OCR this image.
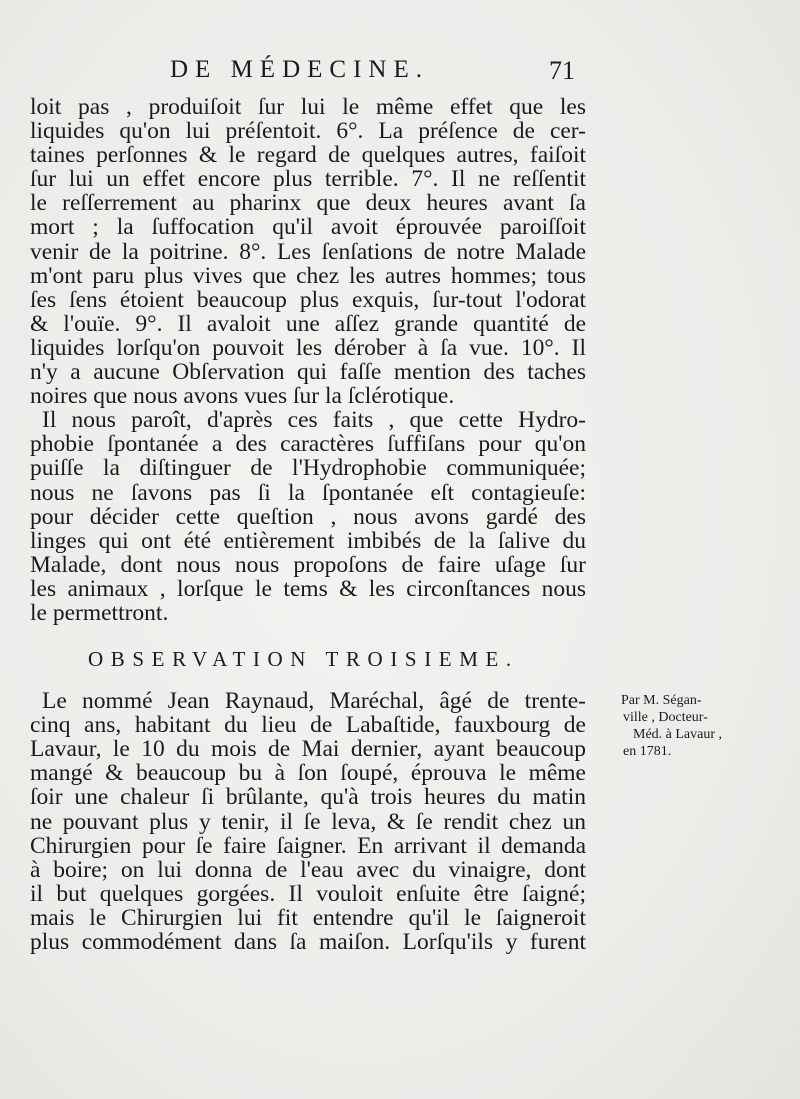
DE MÉDECINE.	71
loit pas , produiſoit ſur lui le même effet que les
liquides qu'on lui préſentoit. 6°. La préſence de cer-
taines perſonnes & le regard de quelques autres, faiſoit
ſur lui un effet encore plus terrible. 7°. Il ne reſſentit
le reſſerrement au pharinx que deux heures avant ſa
mort ; la ſuffocation qu'il avoit éprouvée paroiſſoit
venir de la poitrine. 8°. Les ſenſations de notre Malade
m'ont paru plus vives que chez les autres hommes; tous
ſes ſens étoient beaucoup plus exquis, ſur-tout l'odorat
& l'ouïe. 9°. Il avaloit une aſſez grande quantité de
liquides lorſqu'on pouvoit les dérober à ſa vue. 10°. Il
n'y a aucune Obſervation qui faſſe mention des taches
noires que nous avons vues ſur la ſclérotique.
Il nous paroît, d'après ces faits , que cette Hydro-
phobie ſpontanée a des caractères ſuffiſans pour qu'on
puiſſe la diſtinguer de l'Hydrophobie communiquée;
nous ne ſavons pas ſi la ſpontanée eſt contagieuſe:
pour décider cette queſtion , nous avons gardé des
linges qui ont été entièrement imbibés de la ſalive du
Malade, dont nous nous propoſons de faire uſage ſur
les animaux , lorſque le tems & les circonſtances nous
le permettront.
OBSERVATION TROISIEME.
Le nommé Jean Raynaud, Maréchal, âgé de trente-
cinq ans, habitant du lieu de Labaſtide, fauxbourg de
Lavaur, le 10 du mois de Mai dernier, ayant beaucoup
mangé & beaucoup bu à ſon ſoupé, éprouva le même
ſoir une chaleur ſi brûlante, qu'à trois heures du matin
ne pouvant plus y tenir, il ſe leva, & ſe rendit chez un
Chirurgien pour ſe faire ſaigner. En arrivant il demanda
à boire; on lui donna de l'eau avec du vinaigre, dont
il but quelques gorgées. Il vouloit enſuite être ſaigné;
mais le Chirurgien lui fit entendre qu'il le ſaigneroit
plus commodément dans ſa maiſon. Lorſqu'ils y furent
Par M. Ségan-
ville , Docteur-
Méd. à Lavaur ,
en 1781.
